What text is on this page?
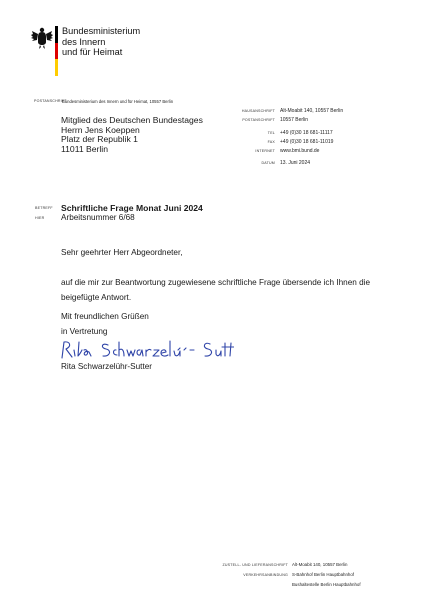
Bundesministerium
des Innern
und für Heimat
POSTANSCHRIFT
Bundesministerium des Innern und für Heimat, 10557 Berlin
Mitglied des Deutschen Bundestages
Herrn Jens Koeppen
Platz der Republik 1
11011 Berlin
HAUSANSCHRIFT Alt-Moabit 140, 10557 Berlin
POSTANSCHRIFT 10557 Berlin
TEL +49 (0)30 18 681-11117
FAX +49 (0)30 18 681-11019
INTERNET www.bmi.bund.de
DATUM 13. Juni 2024
BETREFF Schriftliche Frage Monat Juni 2024
HIER Arbeitsnummer 6/68
Sehr geehrter Herr Abgeordneter,
auf die mir zur Beantwortung zugewiesene schriftliche Frage übersende ich Ihnen die beigefügte Antwort.
Mit freundlichen Grüßen
in Vertretung
Rita Schwarzelühr-Sutter
ZUSTELL- UND LIEFERANSCHRIFT Alt-Moabit 140, 10557 Berlin
VERKEHRSANBINDUNG S-Bahnhof Berlin Hauptbahnhof
Bushaltestelle Berlin Hauptbahnhof
